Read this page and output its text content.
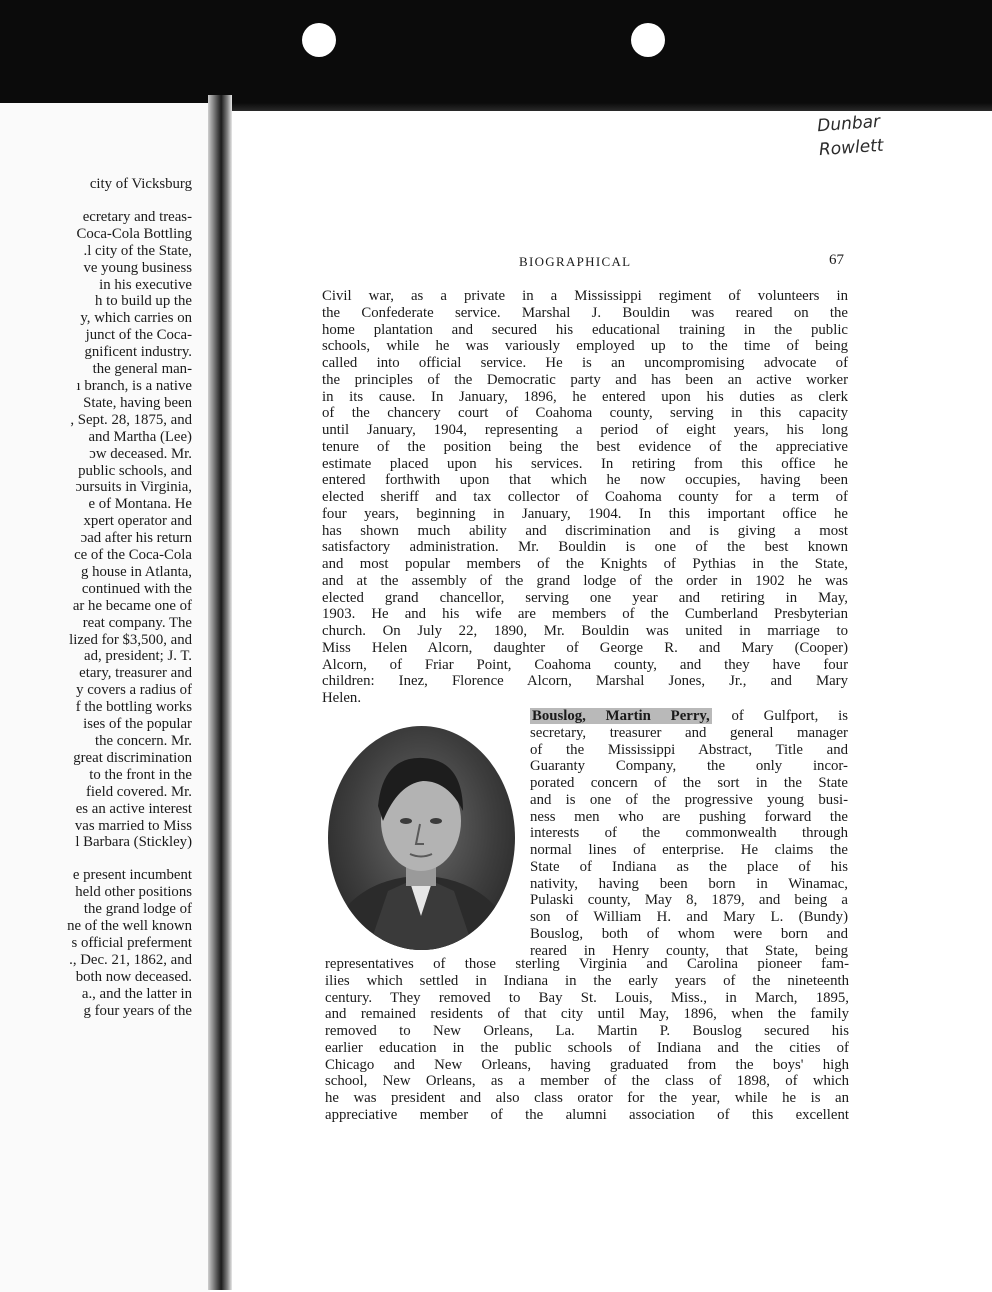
city of Vicksburg
ecretary and treas-
Coca-Cola Bottling
.l city of the State,
ve young business
in his executive
h to build up the
y, which carries on
junct of the Coca-
gnificent industry.
the general man-
ı branch, is a native
State, having been
, Sept. 28, 1875, and
and Martha (Lee)
ɔw deceased. Mr.
public schools, and
ɔursuits in Virginia,
e of Montana. He
xpert operator and
ɔad after his return
ce of the Coca-Cola
g house in Atlanta,
continued with the
ar he became one of
reat company. The
lized for $3,500, and
ad, president; J. T.
etary, treasurer and
y covers a radius of
f the bottling works
ises of the popular
the concern. Mr.
great discrimination
to the front in the
field covered. Mr.
es an active interest
vas married to Miss
l Barbara (Stickley)
e present incumbent
held other positions
the grand lodge of
ne of the well known
s official preferment
., Dec. 21, 1862, and
both now deceased.
a., and the latter in
g four years of the
Dunbar
Rowlett
BIOGRAPHICAL	67
Civil war, as a private in a Mississippi regiment of volunteers in
the Confederate service. Marshal J. Bouldin was reared on the
home plantation and secured his educational training in the public
schools, while he was variously employed up to the time of being
called into official service. He is an uncompromising advocate of
the principles of the Democratic party and has been an active worker
in its cause. In January, 1896, he entered upon his duties as clerk
of the chancery court of Coahoma county, serving in this capacity
until January, 1904, representing a period of eight years, his long
tenure of the position being the best evidence of the appreciative
estimate placed upon his services. In retiring from this office he
entered forthwith upon that which he now occupies, having been
elected sheriff and tax collector of Coahoma county for a term of
four years, beginning in January, 1904. In this important office he
has shown much ability and discrimination and is giving a most
satisfactory administration. Mr. Bouldin is one of the best known
and most popular members of the Knights of Pythias in the State,
and at the assembly of the grand lodge of the order in 1902 he was
elected grand chancellor, serving one year and retiring in May,
1903. He and his wife are members of the Cumberland Presbyterian
church. On July 22, 1890, Mr. Bouldin was united in marriage to
Miss Helen Alcorn, daughter of George R. and Mary (Cooper)
Alcorn, of Friar Point, Coahoma county, and they have four
children: Inez, Florence Alcorn, Marshal Jones, Jr., and Mary
Helen.
Bouslog, Martin Perry, of Gulfport, is
secretary, treasurer and general manager
of the Mississippi Abstract, Title and
Guaranty Company, the only incor-
porated concern of the sort in the State
and is one of the progressive young busi-
ness men who are pushing forward the
interests of the commonwealth through
normal lines of enterprise. He claims the
State of Indiana as the place of his
nativity, having been born in Winamac,
Pulaski county, May 8, 1879, and being a
son of William H. and Mary L. (Bundy)
Bouslog, both of whom were born and
reared in Henry county, that State, being
representatives of those sterling Virginia and Carolina pioneer fam-
ilies which settled in Indiana in the early years of the nineteenth
century. They removed to Bay St. Louis, Miss., in March, 1895,
and remained residents of that city until May, 1896, when the family
removed to New Orleans, La. Martin P. Bouslog secured his
earlier education in the public schools of Indiana and the cities of
Chicago and New Orleans, having graduated from the boys' high
school, New Orleans, as a member of the class of 1898, of which
he was president and also class orator for the year, while he is an
appreciative member of the alumni association of this excellent
